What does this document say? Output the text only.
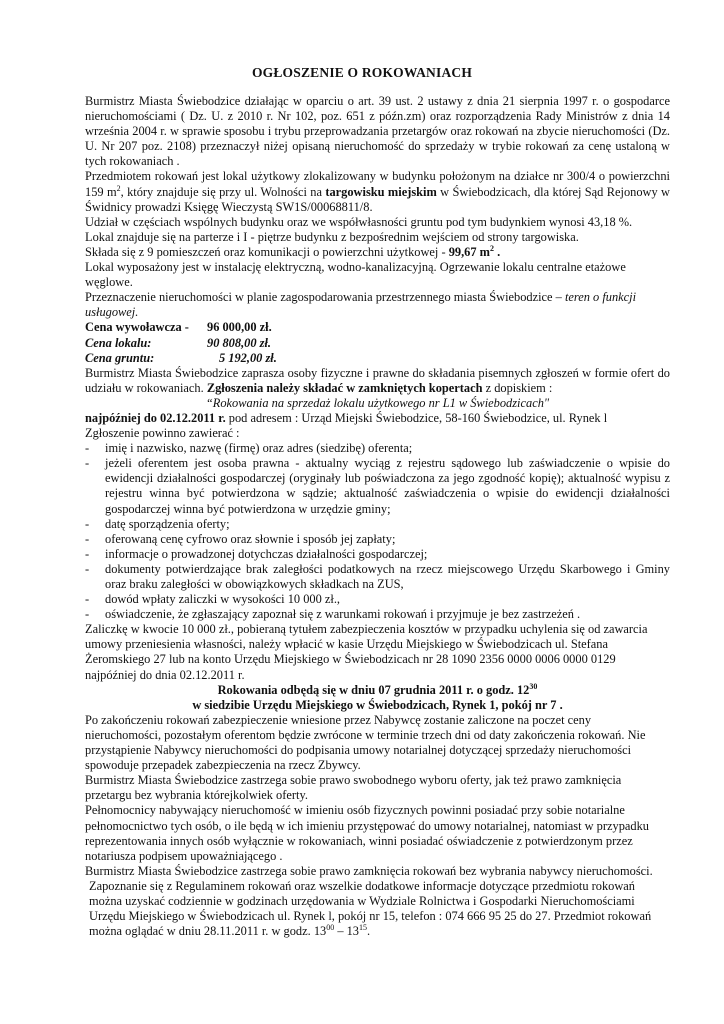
OGŁOSZENIE O ROKOWANIACH

Burmistrz Miasta Świebodzice działając w oparciu o art. 39 ust. 2 ustawy z dnia 21 sierpnia 1997 r. o gospodarce nieruchomościami ( Dz. U. z 2010 r. Nr 102, poz. 651 z późn.zm) oraz rozporządzenia Rady Ministrów z dnia 14 września 2004 r. w sprawie sposobu i trybu przeprowadzania przetargów oraz rokowań na zbycie nieruchomości (Dz. U. Nr 207 poz. 2108) przeznaczył niżej opisaną nieruchomość do sprzedaży w trybie rokowań za cenę ustaloną w tych rokowaniach .

Przedmiotem rokowań jest lokal użytkowy zlokalizowany w budynku położonym na działce nr 300/4 o powierzchni 159 $m^2$, który znajduje się przy ul. Wolności na targowisku miejskim w Świebodzicach, dla której Sąd Rejonowy w Świdnicy prowadzi Księgę Wieczystą SW1S/00068811/8.

Udział w częściach wspólnych budynku oraz we współwłasności gruntu pod tym budynkiem wynosi 43,18 %.

Lokal znajduje się na parterze i I - piętrze budynku z bezpośrednim wejściem od strony targowiska.

Składa się z 9 pomieszczeń oraz komunikacji o powierzchni użytkowej - 99,67 $m^2$ .

Lokal wyposażony jest w instalację elektryczną, wodno-kanalizacyjną. Ogrzewanie lokalu centralne etażowe węglowe.

Przeznaczenie nieruchomości w planie zagospodarowania przestrzennego miasta Świebodzice – teren o funkcji usługowej.

Cena wywoławcza -	96 000,00 zł.
Cena lokalu:	90 808,00 zł.
Cena gruntu:	5 192,00 zł.

Burmistrz Miasta Świebodzice zaprasza osoby fizyczne i prawne do składania pisemnych zgłoszeń w formie ofert do udziału w rokowaniach. Zgłoszenia należy składać w zamkniętych kopertach z dopiskiem :

“Rokowania na sprzedaż lokalu użytkowego nr L1 w Świebodzicach"

najpóźniej do 02.12.2011 r. pod adresem : Urząd Miejski Świebodzice, 58-160 Świebodzice, ul. Rynek l

Zgłoszenie powinno zawierać :

- imię i nazwisko, nazwę (firmę) oraz adres (siedzibę) oferenta;
- jeżeli oferentem jest osoba prawna - aktualny wyciąg z rejestru sądowego lub zaświadczenie o wpisie do ewidencji działalności gospodarczej (oryginały lub poświadczona za jego zgodność kopię); aktualność wypisu z rejestru winna być potwierdzona w sądzie; aktualność zaświadczenia o wpisie do ewidencji działalności gospodarczej winna być potwierdzona w urzędzie gminy;
- datę sporządzenia oferty;
- oferowaną cenę cyfrowo oraz słownie i sposób jej zapłaty;
- informacje o prowadzonej dotychczas działalności gospodarczej;
- dokumenty potwierdzające brak zaległości podatkowych na rzecz miejscowego Urzędu Skarbowego i Gminy oraz braku zaległości w obowiązkowych składkach na ZUS,
- dowód wpłaty zaliczki w wysokości 10 000 zł.,
- oświadczenie, że zgłaszający zapoznał się z warunkami rokowań i przyjmuje je bez zastrzeżeń .

Zaliczkę w kwocie 10 000 zł., pobieraną tytułem zabezpieczenia kosztów w przypadku uchylenia się od zawarcia umowy przeniesienia własności, należy wpłacić w kasie Urzędu Miejskiego w Świebodzicach ul. Stefana Żeromskiego 27 lub na konto Urzędu Miejskiego w Świebodzicach nr 28 1090 2356 0000 0006 0000 0129 najpóźniej do dnia 02.12.2011 r.

Rokowania odbędą się w dniu 07 grudnia 2011 r. o godz. $12^{30}$

w siedzibie Urzędu Miejskiego w Świebodzicach, Rynek 1, pokój nr 7 .

Po zakończeniu rokowań zabezpieczenie wniesione przez Nabywcę zostanie zaliczone na poczet ceny nieruchomości, pozostałym oferentom będzie zwrócone w terminie trzech dni od daty zakończenia rokowań. Nie przystąpienie Nabywcy nieruchomości do podpisania umowy notarialnej dotyczącej sprzedaży nieruchomości spowoduje przepadek zabezpieczenia na rzecz Zbywcy.

Burmistrz Miasta Świebodzice zastrzega sobie prawo swobodnego wyboru oferty, jak też prawo zamknięcia przetargu bez wybrania którejkolwiek oferty.

Pełnomocnicy nabywający nieruchomość w imieniu osób fizycznych powinni posiadać przy sobie notarialne pełnomocnictwo tych osób, o ile będą w ich imieniu przystępować do umowy notarialnej, natomiast w przypadku reprezentowania innych osób wyłącznie w rokowaniach, winni posiadać oświadczenie z potwierdzonym przez notariusza podpisem upoważniającego .

Burmistrz Miasta Świebodzice zastrzega sobie prawo zamknięcia rokowań bez wybrania nabywcy nieruchomości.

Zapoznanie się z Regulaminem rokowań oraz wszelkie dodatkowe informacje dotyczące przedmiotu rokowań można uzyskać codziennie w godzinach urzędowania w Wydziale Rolnictwa i Gospodarki Nieruchomościami Urzędu Miejskiego w Świebodzicach ul. Rynek l, pokój nr 15, telefon : 074 666 95 25 do 27. Przedmiot rokowań można oglądać w dniu 28.11.2011 r. w godz. $13^{00} - 13^{15}$.
